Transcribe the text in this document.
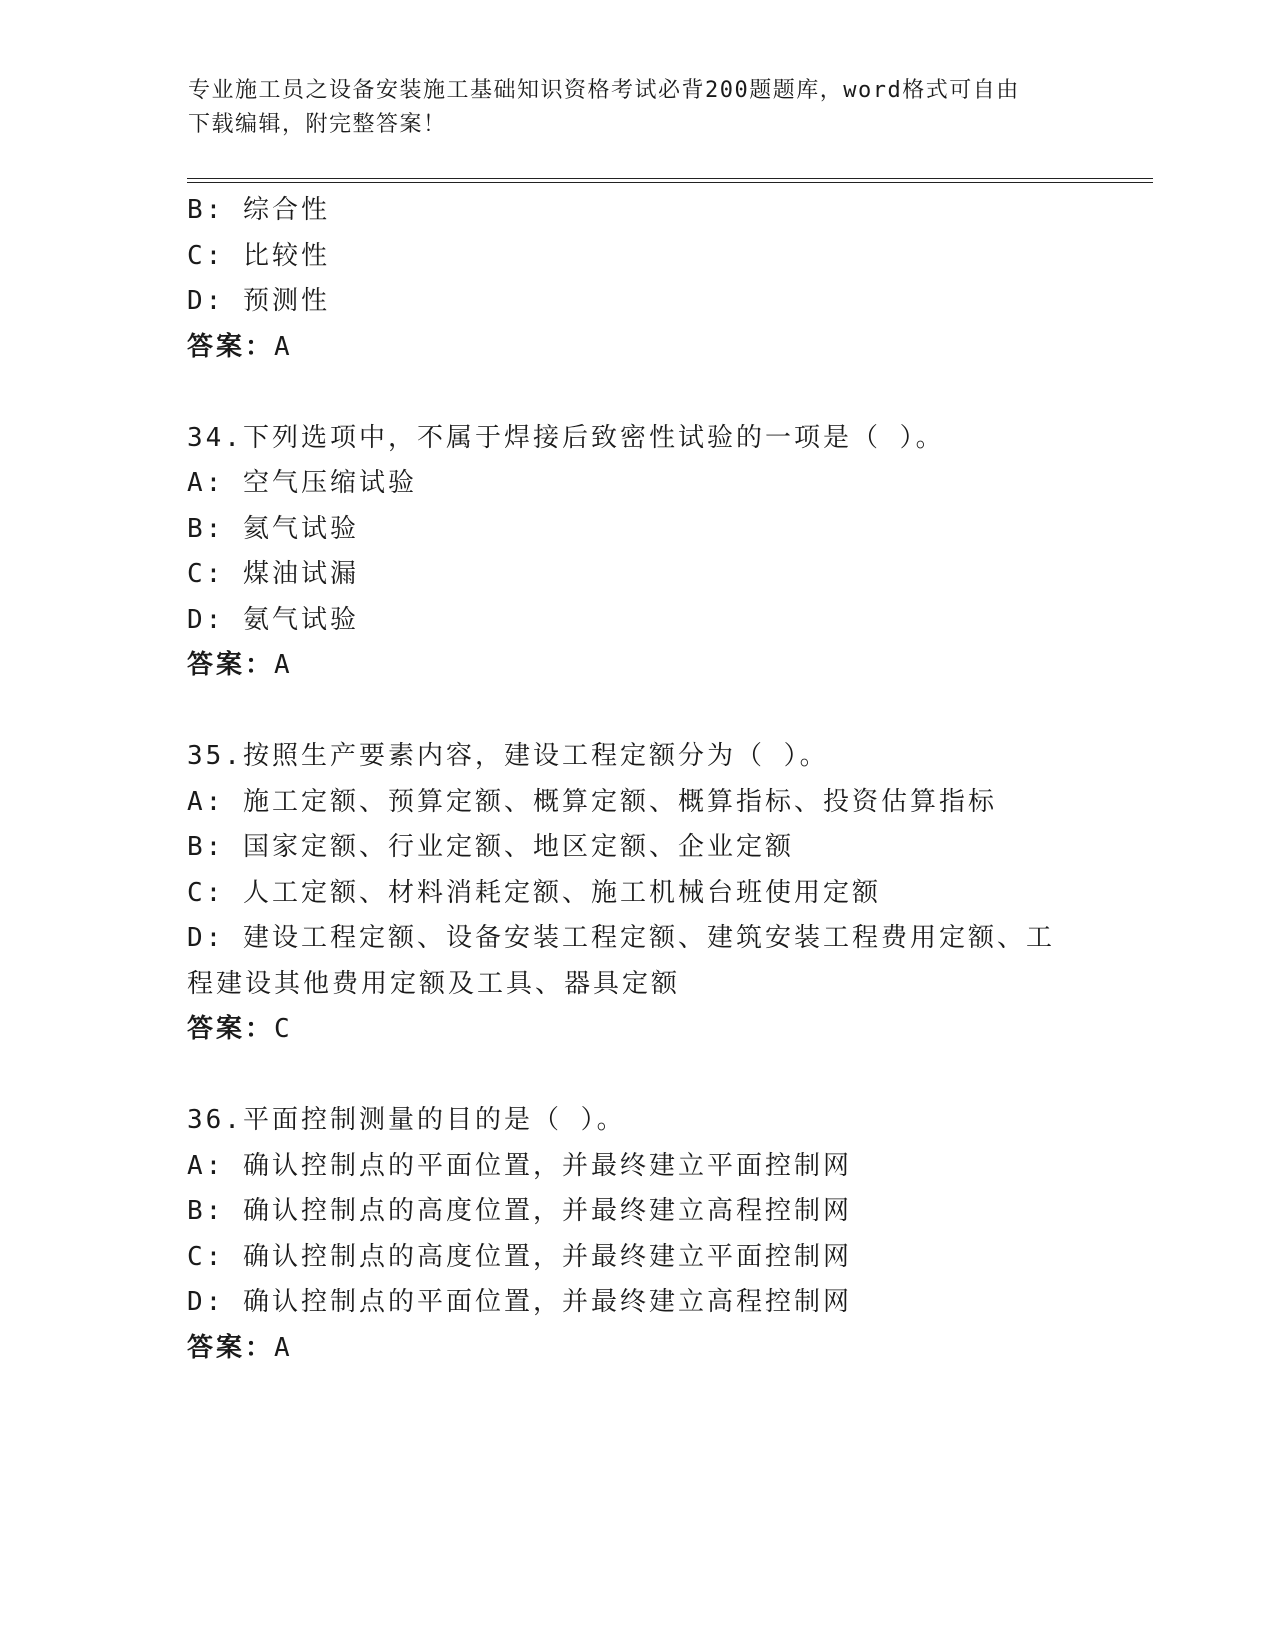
专业施工员之设备安装施工基础知识资格考试必背200题题库，word格式可自由
下载编辑，附完整答案！
B: 综合性
C: 比较性
D: 预测性
答案：A
34.下列选项中，不属于焊接后致密性试验的一项是（ ）。
A: 空气压缩试验
B: 氦气试验
C: 煤油试漏
D: 氨气试验
答案：A
35.按照生产要素内容，建设工程定额分为（ ）。
A: 施工定额、预算定额、概算定额、概算指标、投资估算指标
B: 国家定额、行业定额、地区定额、企业定额
C: 人工定额、材料消耗定额、施工机械台班使用定额
D: 建设工程定额、设备安装工程定额、建筑安装工程费用定额、工程建设其他费用定额及工具、器具定额
答案：C
36.平面控制测量的目的是（ ）。
A: 确认控制点的平面位置，并最终建立平面控制网
B: 确认控制点的高度位置，并最终建立高程控制网
C: 确认控制点的高度位置，并最终建立平面控制网
D: 确认控制点的平面位置，并最终建立高程控制网
答案：A
